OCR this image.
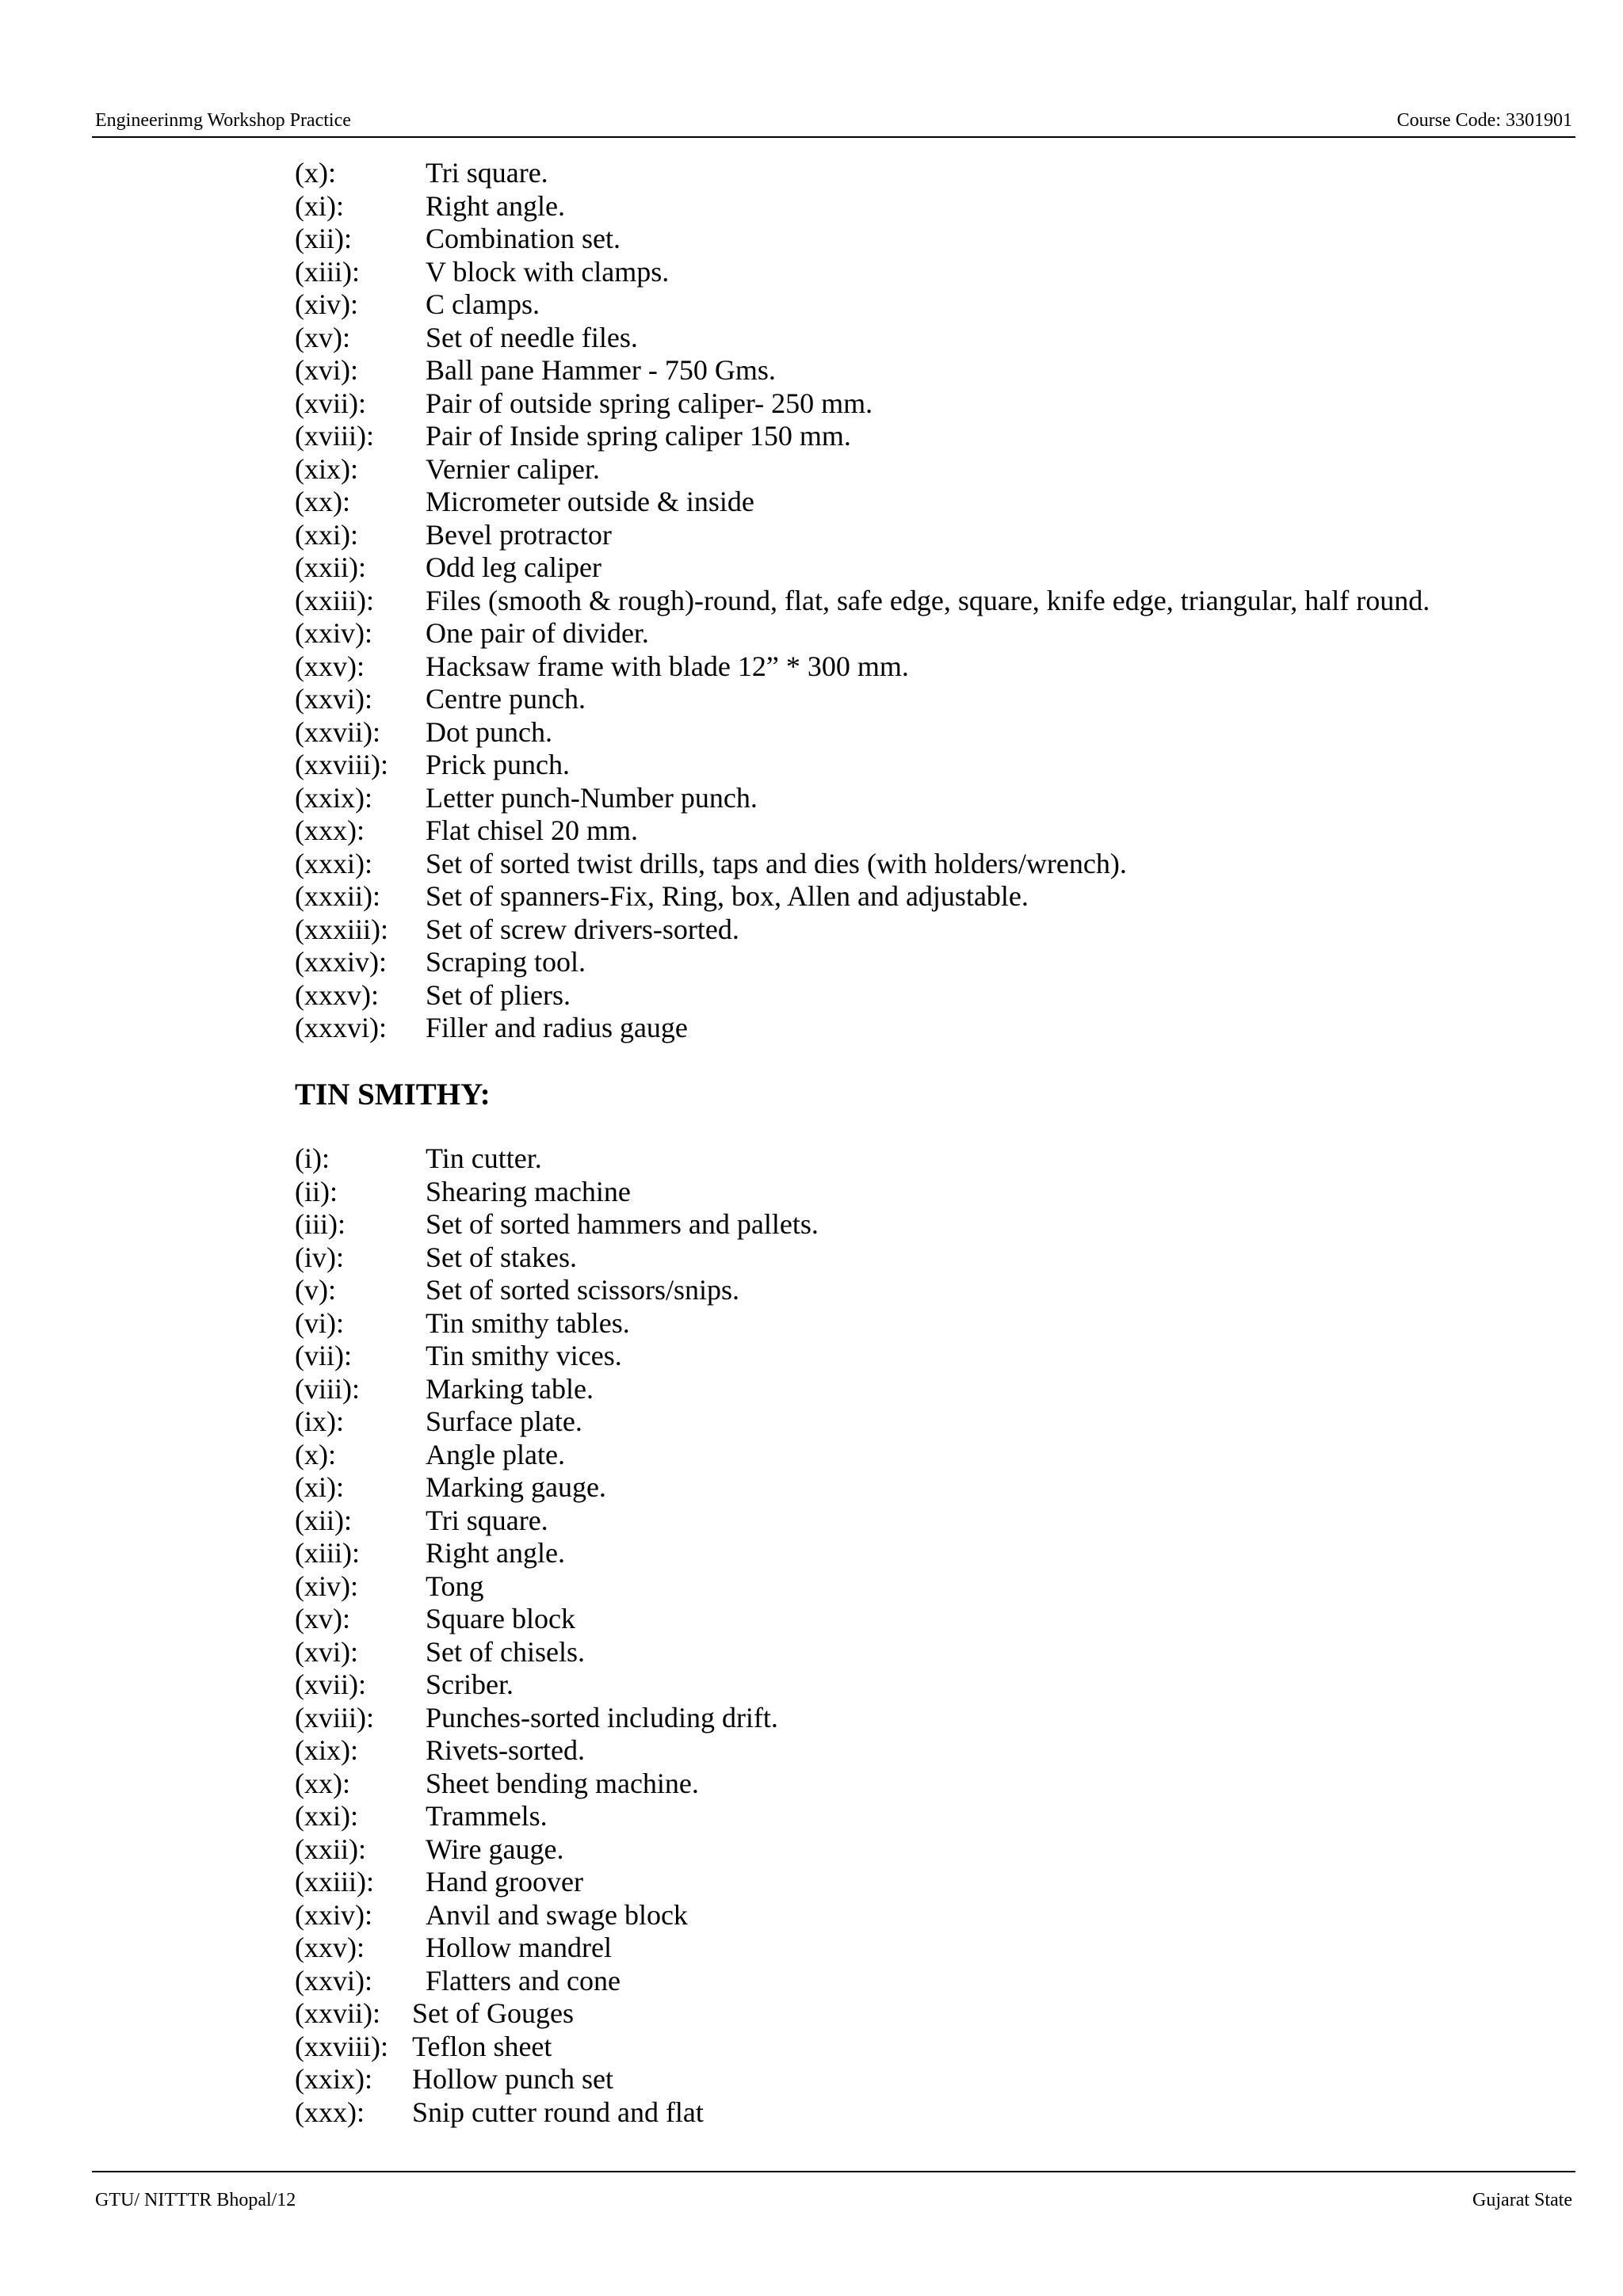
Engineerinmg Workshop Practice	Course Code: 3301901
(x):	Tri square.
(xi):	Right angle.
(xii):	Combination set.
(xiii):	V block with clamps.
(xiv):	C clamps.
(xv):	Set of needle files.
(xvi):	Ball pane Hammer - 750 Gms.
(xvii):	Pair of outside spring caliper- 250 mm.
(xviii):	Pair of Inside spring caliper 150 mm.
(xix):	Vernier caliper.
(xx):	Micrometer outside & inside
(xxi):	Bevel protractor
(xxii):	Odd leg caliper
(xxiii):	Files (smooth & rough)-round, flat, safe edge, square, knife edge, triangular, half round.
(xxiv):	One pair of divider.
(xxv):	Hacksaw frame with blade 12” * 300 mm.
(xxvi):	Centre punch.
(xxvii):	Dot punch.
(xxviii):	Prick punch.
(xxix):	Letter punch-Number punch.
(xxx):	Flat chisel 20 mm.
(xxxi):	Set of sorted twist drills, taps and dies (with holders/wrench).
(xxxii):	Set of spanners-Fix, Ring, box, Allen and adjustable.
(xxxiii):	Set of screw drivers-sorted.
(xxxiv):	Scraping tool.
(xxxv):	Set of pliers.
(xxxvi):	Filler and radius gauge
TIN SMITHY:
(i):	Tin cutter.
(ii):	Shearing machine
(iii):	Set of sorted hammers and pallets.
(iv):	Set of stakes.
(v):	Set of sorted scissors/snips.
(vi):	Tin smithy tables.
(vii):	Tin smithy vices.
(viii):	Marking table.
(ix):	Surface plate.
(x):	Angle plate.
(xi):	Marking gauge.
(xii):	Tri square.
(xiii):	Right angle.
(xiv):	Tong
(xv):	Square block
(xvi):	Set of chisels.
(xvii):	Scriber.
(xviii):	Punches-sorted including drift.
(xix):	Rivets-sorted.
(xx):	Sheet bending machine.
(xxi):	Trammels.
(xxii):	Wire gauge.
(xxiii):	Hand groover
(xxiv):	Anvil and swage block
(xxv):	Hollow mandrel
(xxvi):	Flatters and cone
(xxvii):	Set of Gouges
(xxviii): Teflon sheet
(xxix):	Hollow punch set
(xxx):	Snip cutter round and flat
GTU/ NITTTR Bhopal/12	Gujarat State
